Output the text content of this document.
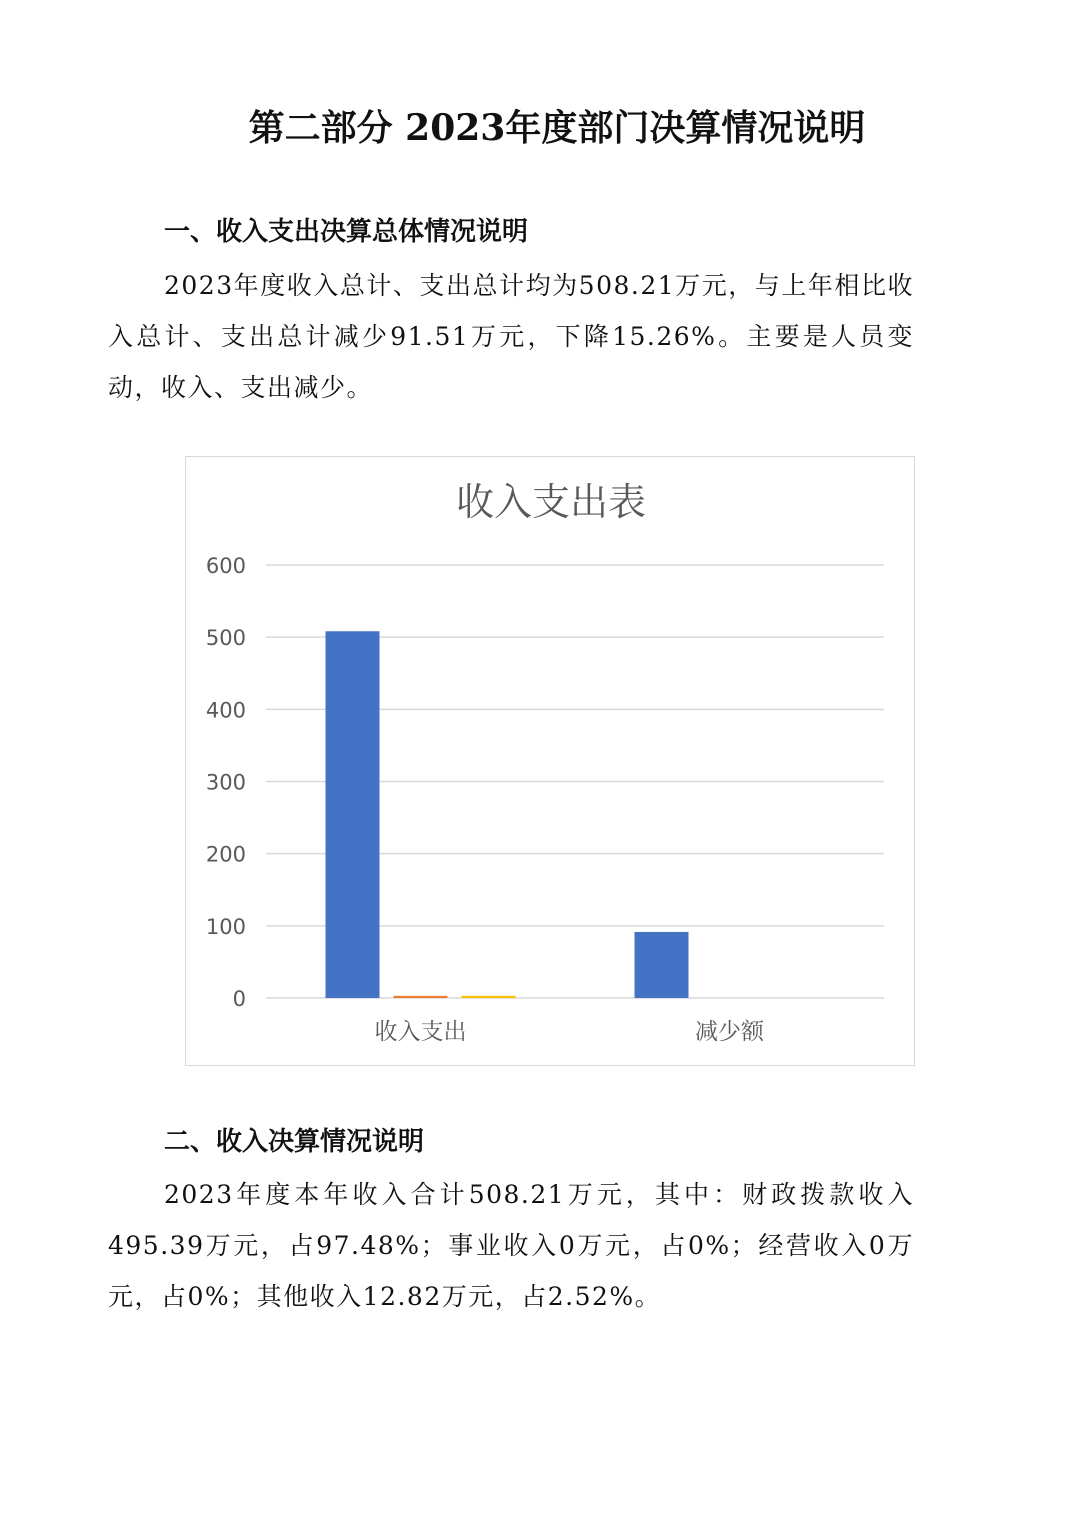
第二部分 2023年度部门决算情况说明
一、收入支出决算总体情况说明

2023年度收入总计、支出总计均为508.21万元，与上年相比收入总计、支出总计减少91.51万元，下降15.26%。主要是人员变动，收入、支出减少。

0
100
200
300
400
500
600
收入支出	减少额
收入支出表
二、收入决算情况说明

2023年度本年收入合计508.21万元，其中：财政拨款收入495.39万元，占97.48%；事业收入0万元，占0%；经营收入0万元，占0%；其他收入12.82万元，占2.52%。
